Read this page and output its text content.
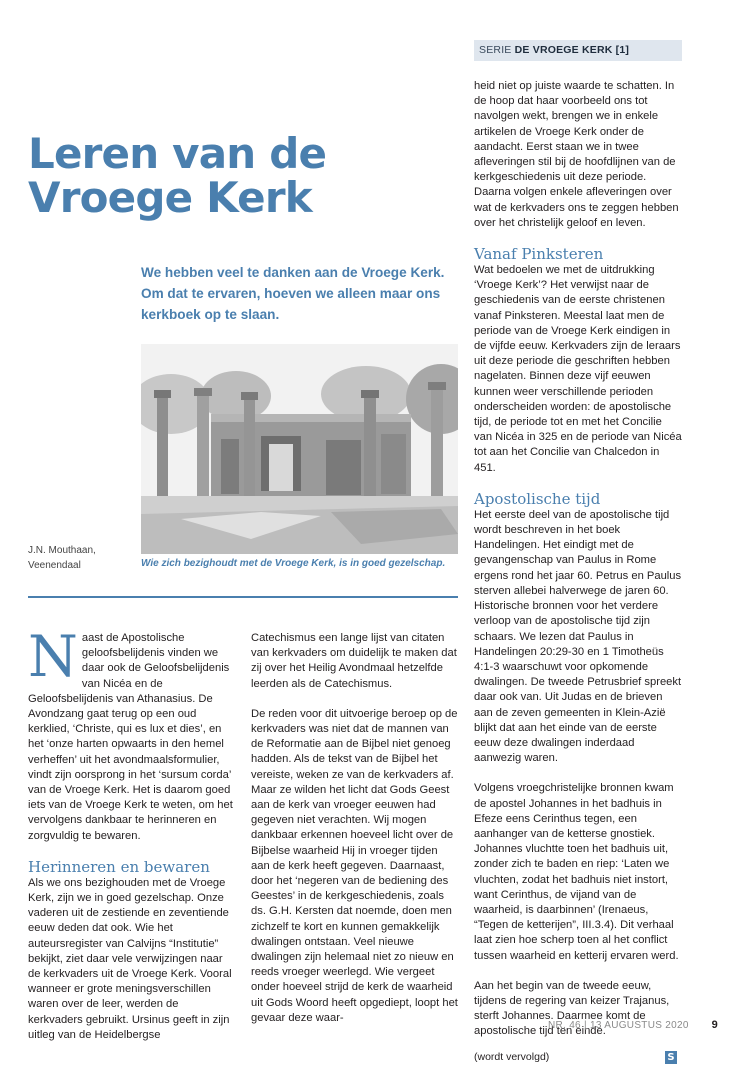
SERIE DE VROEGE KERK [1]
Leren van de Vroege Kerk
We hebben veel te danken aan de Vroege Kerk. Om dat te ervaren, hoeven we alleen maar ons kerkboek op te slaan.
J.N. Mouthaan,
Veenendaal	Wie zich bezighoudt met de Vroege Kerk, is in goed gezelschap.

Naast de Apostolische geloofsbelijdenis vinden we daar ook de Geloofsbelijdenis van Nicéa en de Geloofsbelijdenis van Athanasius. De Avondzang gaat terug op een oud kerklied, ‘Christe, qui es lux et dies’, en het ‘onze harten opwaarts in den hemel verheffen’ uit het avondmaalsformulier, vindt zijn oorsprong in het ‘sursum corda’ van de Vroege Kerk. Het is daarom goed iets van de Vroege Kerk te weten, om het vervolgens dankbaar te herinneren en zorgvuldig te bewaren.

Herinneren en bewaren

Als we ons bezighouden met de Vroege Kerk, zijn we in goed gezelschap. Onze vaderen uit de zestiende en zeventiende eeuw deden dat ook. Wie het auteursregister van Calvijns “Institutie” bekijkt, ziet daar vele verwijzingen naar de kerkvaders uit de Vroege Kerk. Vooral wanneer er grote meningsverschillen waren over de leer, werden de kerkvaders gebruikt. Ursinus geeft in zijn uitleg van de Heidelbergse

Catechismus een lange lijst van citaten van kerkvaders om duidelijk te maken dat zij over het Heilig Avondmaal hetzelfde leerden als de Catechismus.

De reden voor dit uitvoerige beroep op de kerkvaders was niet dat de mannen van de Reformatie aan de Bijbel niet genoeg hadden. Als de tekst van de Bijbel het vereiste, weken ze van de kerkvaders af. Maar ze wilden het licht dat Gods Geest aan de kerk van vroeger eeuwen had gegeven niet verachten. Wij mogen dankbaar erkennen hoeveel licht over de Bijbelse waarheid Hij in vroeger tijden aan de kerk heeft gegeven. Daarnaast, door het ‘negeren van de bediening des Geestes’ in de kerkgeschiedenis, zoals ds. G.H. Kersten dat noemde, doen men zichzelf te kort en kunnen gemakkelijk dwalingen ontstaan. Veel nieuwe dwalingen zijn helemaal niet zo nieuw en reeds vroeger weerlegd. Wie vergeet onder hoeveel strijd de kerk de waarheid uit Gods Woord heeft opgediept, loopt het gevaar deze waar-

heid niet op juiste waarde te schatten. In de hoop dat haar voorbeeld ons tot navolgen wekt, brengen we in enkele artikelen de Vroege Kerk onder de aandacht. Eerst staan we in twee afleveringen stil bij de hoofdlijnen van de kerkgeschiedenis uit deze periode. Daarna volgen enkele afleveringen over wat de kerkvaders ons te zeggen hebben over het christelijk geloof en leven.

Vanaf Pinksteren

Wat bedoelen we met de uitdrukking ‘Vroege Kerk’? Het verwijst naar de geschiedenis van de eerste christenen vanaf Pinksteren. Meestal laat men de periode van de Vroege Kerk eindigen in de vijfde eeuw. Kerkvaders zijn de leraars uit deze periode die geschriften hebben nagelaten. Binnen deze vijf eeuwen kunnen weer verschillende perioden onderscheiden worden: de apostolische tijd, de periode tot en met het Concilie van Nicéa in 325 en de periode van Nicéa tot aan het Concilie van Chalcedon in 451.

Apostolische tijd

Het eerste deel van de apostolische tijd wordt beschreven in het boek Handelingen. Het eindigt met de gevangenschap van Paulus in Rome ergens rond het jaar 60. Petrus en Paulus sterven allebei halverwege de jaren 60. Historische bronnen voor het verdere verloop van de apostolische tijd zijn schaars. We lezen dat Paulus in Handelingen 20:29-30 en 1 Timotheüs 4:1-3 waarschuwt voor opkomende dwalingen. De tweede Petrusbrief spreekt daar ook van. Uit Judas en de brieven aan de zeven gemeenten in Klein-Azië blijkt dat aan het einde van de eerste eeuw deze dwalingen inderdaad aanwezig waren.

Volgens vroegchristelijke bronnen kwam de apostel Johannes in het badhuis in Efeze eens Cerinthus tegen, een aanhanger van de ketterse gnostiek. Johannes vluchtte toen het badhuis uit, zonder zich te baden en riep: ‘Laten we vluchten, zodat het badhuis niet instort, want Cerinthus, de vijand van de waarheid, is daarbinnen’ (Irenaeus, “Tegen de ketterijen”, III.3.4). Dit verhaal laat zien hoe scherp toen al het conflict tussen waarheid en ketterij ervaren werd.

Aan het begin van de tweede eeuw, tijdens de regering van keizer Trajanus, sterft Johannes. Daarmee komt de apostolische tijd ten einde.

(wordt vervolgd)	S

NR. 46 | 13 AUGUSTUS 2020 9
